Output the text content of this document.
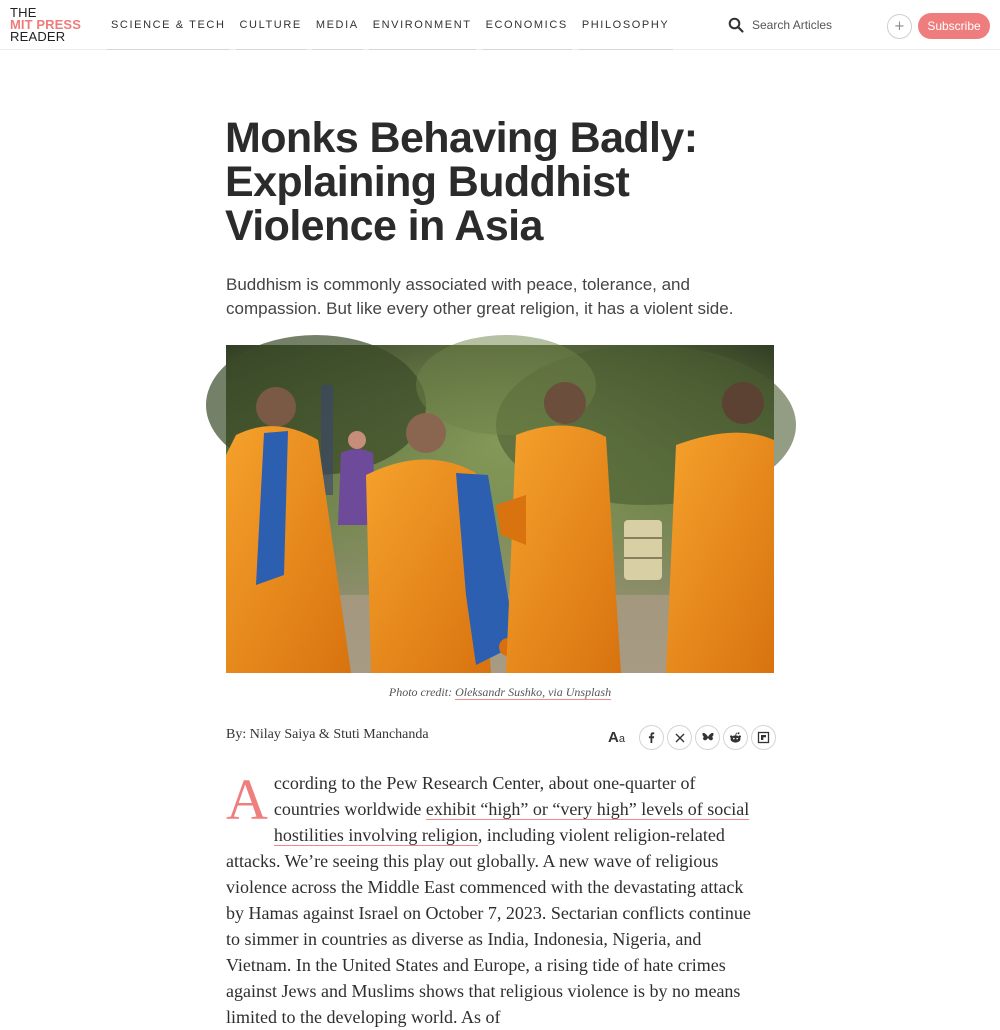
THE
MIT PRESS
READER
SCIENCE & TECH	CULTURE	MEDIA	ENVIRONMENT	ECONOMICS	PHILOSOPHY
Search Articles	+	Subscribe
Monks Behaving Badly: Explaining Buddhist Violence in Asia

Buddhism is commonly associated with peace, tolerance, and compassion. But like every other great religion, it has a violent side.

Photo credit: Oleksandr Sushko, via Unsplash
By: Nilay Saiya & Stuti Manchanda	Aa
According to the Pew Research Center, about one-quarter of countries worldwide exhibit “high” or “very high” levels of social hostilities involving religion, including violent religion-related attacks. We’re seeing this play out globally. A new wave of religious violence across the Middle East commenced with the devastating attack by Hamas against Israel on October 7, 2023. Sectarian conflicts continue to simmer in countries as diverse as India, Indonesia, Nigeria, and Vietnam. In the United States and Europe, a rising tide of hate crimes against Jews and Muslims shows that religious violence is by no means limited to the developing world. As of
